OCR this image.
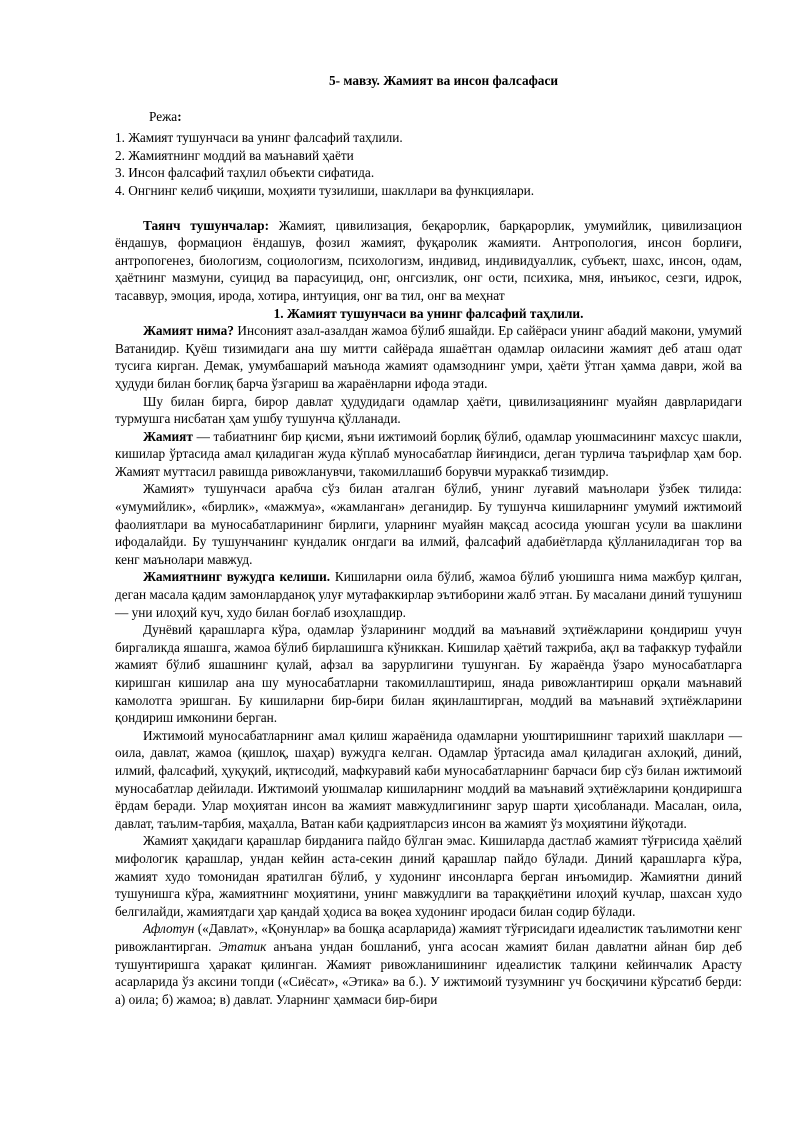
5- мавзу. Жамият ва инсон фалсафаси
Режа:
1. Жамият тушунчаси ва унинг фалсафий таҳлили.
2. Жамиятнинг моддий ва маънавий ҳаёти
3. Инсон фалсафий таҳлил объекти сифатида.
4. Онгнинг келиб чиқиши, моҳияти тузилиши, шакллари ва функциялари.

Таянч тушунчалар: Жамият, цивилизация, беқарорлик, барқарорлик, умумийлик, цивилизацион ёндашув, формацион ёндашув, фозил жамият, фуқаролик жамияти. Антропология, инсон борлиғи, антропогенез, биологизм, социологизм, психологизм, индивид, индивидуаллик, субъект, шахс, инсон, одам, ҳаётнинг мазмуни, суицид ва парасуицид, онг, онгсизлик, онг ости, психика, мня, инъикос, сезги, идрок, тасаввур, эмоция, ирода, хотира, интуиция, онг ва тил, онг ва меҳнат

1. Жамият тушунчаси ва унинг фалсафий таҳлили.

Жамият нима? Инсоният азал-азалдан жамоа бўлиб яшайди. Ер сайёраси унинг абадий макони, умумий Ватанидир. Қуёш тизимидаги ана шу митти сайёрада яшаётган одамлар оиласини жамият деб аташ одат тусига кирган. Демак, умумбашарий маънода жамият одамзоднинг умри, ҳаёти ўтган ҳамма даври, жой ва ҳудуди билан боғлиқ барча ўзгариш ва жараёнларни ифода этади.

Шу билан бирга, бирор давлат ҳудудидаги одамлар ҳаёти, цивилизациянинг муайян даврларидаги турмушга нисбатан ҳам ушбу тушунча қўлланади.

Жамият — табиатнинг бир қисми, яъни ижтимоий борлиқ бўлиб, одамлар уюшмасининг махсус шакли, кишилар ўртасида амал қиладиган жуда кўплаб муносабатлар йиғиндиси, деган турлича таърифлар ҳам бор. Жамият муттасил равишда ривожланувчи, такомиллашиб борувчи мураккаб тизимдир.

Жамият» тушунчаси арабча сўз билан аталган бўлиб, унинг луғавий маънолари ўзбек тилида: «умумийлик», «бирлик», «мажмуа», «жамланган» деганидир. Бу тушунча кишиларнинг умумий ижтимоий фаолиятлари ва муносабатларининг бирлиги, уларнинг муайян мақсад асосида уюшган усули ва шаклини ифодалайди. Бу тушунчанинг кундалик онгдаги ва илмий, фалсафий адабиётларда қўлланиладиган тор ва кенг маънолари мавжуд.

Жамиятнинг вужудга келиши. Кишиларни оила бўлиб, жамоа бўлиб уюшишга нима мажбур қилган, деган масала қадим замонларданоқ улуғ мутафаккирлар эътиборини жалб этган. Бу масалани диний тушуниш — уни илоҳий куч, худо билан боғлаб изоҳлашдир.

Дунёвий қарашларга кўра, одамлар ўзларининг моддий ва маънавий эҳтиёжларини қондириш учун биргаликда яшашга, жамоа бўлиб бирлашишга кўниккан. Кишилар ҳаётий тажриба, ақл ва тафаккур туфайли жамият бўлиб яшашнинг қулай, афзал ва зарурлигини тушунган. Бу жараёнда ўзаро муносабатларга киришган кишилар ана шу муносабатларни такомиллаштириш, янада ривожлантириш орқали маънавий камолотга эришган. Бу кишиларни бир-бири билан яқинлаштирган, моддий ва маънавий эҳтиёжларини қондириш имконини берган.

Ижтимоий муносабатларнинг амал қилиш жараёнида одамларни уюштиришнинг тарихий шакллари — оила, давлат, жамоа (қишлоқ, шаҳар) вужудга келган. Одамлар ўртасида амал қиладиган ахлоқий, диний, илмий, фалсафий, ҳуқуқий, иқтисодий, мафкуравий каби муносабатларнинг барчаси бир сўз билан ижтимоий муносабатлар дейилади. Ижтимоий уюшмалар кишиларнинг моддий ва маънавий эҳтиёжларини қондиришга ёрдам беради. Улар моҳиятан инсон ва жамият мавжудлигининг зарур шарти ҳисобланади. Масалан, оила, давлат, таълим-тарбия, маҳалла, Ватан каби қадриятларсиз инсон ва жамият ўз моҳиятини йўқотади.

Жамият ҳақидаги қарашлар бирданига пайдо бўлган эмас. Кишиларда дастлаб жамият тўғрисида ҳаёлий мифологик қарашлар, ундан кейин аста-секин диний қарашлар пайдо бўлади. Диний қарашларга кўра, жамият худо томонидан яратилган бўлиб, у худонинг инсонларга берган инъомидир. Жамиятни диний тушунишга кўра, жамиятнинг моҳиятини, унинг мавжудлиги ва тараққиётини илоҳий кучлар, шахсан худо белгилайди, жамиятдаги ҳар қандай ҳодиса ва воқеа худонинг иродаси билан содир бўлади.

Афлотун («Давлат», «Қонунлар» ва бошқа асарларида) жамият тўғрисидаги идеалистик таълимотни кенг ривожлантирган. Этатик анъана ундан бошланиб, унга асосан жамият билан давлатни айнан бир деб тушунтиришга ҳаракат қилинган. Жамият ривожланишининг идеалистик талқини кейинчалик Арасту асарларида ўз аксини топди («Сиёсат», «Этика» ва б.). У ижтимоий тузумнинг уч босқичини кўрсатиб берди: а) оила; б) жамоа; в) давлат. Уларнинг ҳаммаси бир-бири
